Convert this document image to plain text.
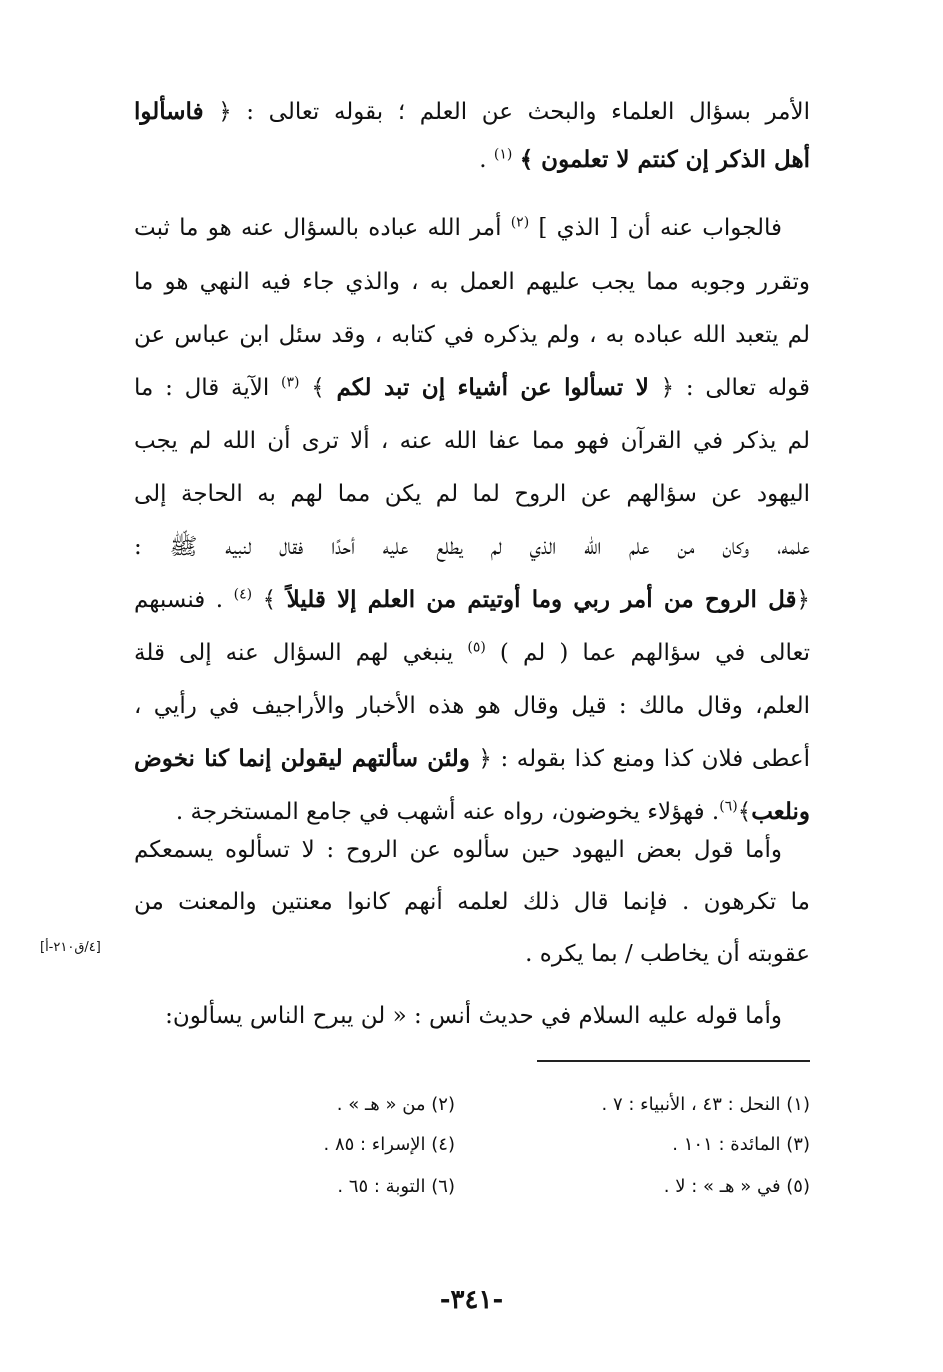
الأمر بسؤال العلماء والبحث عن العلم ؛ بقوله تعالى : ﴿ فاسألوا
أهل الذكر إن كنتم لا تعلمون ﴾ $^{(١)}$ .
فالجواب عنه أن [ الذي ] $^{(٢)}$ أمر الله عباده بالسؤال عنه هو ما ثبت
وتقرر وجوبه مما يجب عليهم العمل به ، والذي جاء فيه النهي هو ما
لم يتعبد الله عباده به ، ولم يذكره في كتابه ، وقد سئل ابن عباس عن
قوله تعالى : ﴿ لا تسألوا عن أشياء إن تبد لكم ﴾ $^{(٣)}$ الآية قال : ما
لم يذكر في القرآن فهو مما عفا الله عنه ، ألا ترى أن الله لم يجب
اليهود عن سؤالهم عن الروح لما لم يكن مما لهم به الحاجة إلى
علمه، وكان من علم الله الذي لم يطلع عليه أحدًا فقال لنبيه ﷺ :
﴿قل الروح من أمر ربي وما أوتيتم من العلم إلا قليلاً ﴾ $^{(٤)}$ . فنسبهم
تعالى في سؤالهم عما ( لم ) $^{(٥)}$ ينبغي لهم السؤال عنه إلى قلة
العلم، وقال مالك : قيل وقال هو هذه الأخبار والأراجيف في رأيي ،
أعطى فلان كذا ومنع كذا بقوله : ﴿ ولئن سألتهم ليقولن إنما كنا نخوض
ونلعب﴾$^{(٦)}$. فهؤلاء يخوضون، رواه عنه أشهب في جامع المستخرجة .
وأما قول بعض اليهود حين سألوه عن الروح : لا تسألوه يسمعكم
ما تكرهون . فإنما قال ذلك لعلمه أنهم كانوا معنتين والمعنت من
عقوبته أن يخاطب / بما يكره .
[٤/ق٢١٠-أ]
وأما قوله عليه السلام في حديث أنس : « لن يبرح الناس يسألون:
(١) النحل : ٤٣ ، الأنبياء : ٧ .
(٢) من « هـ » .
(٣) المائدة : ١٠١ .
(٤) الإسراء : ٨٥ .
(٥) في « هـ » : لا .
(٦) التوبة : ٦٥ .
-٣٤١-
